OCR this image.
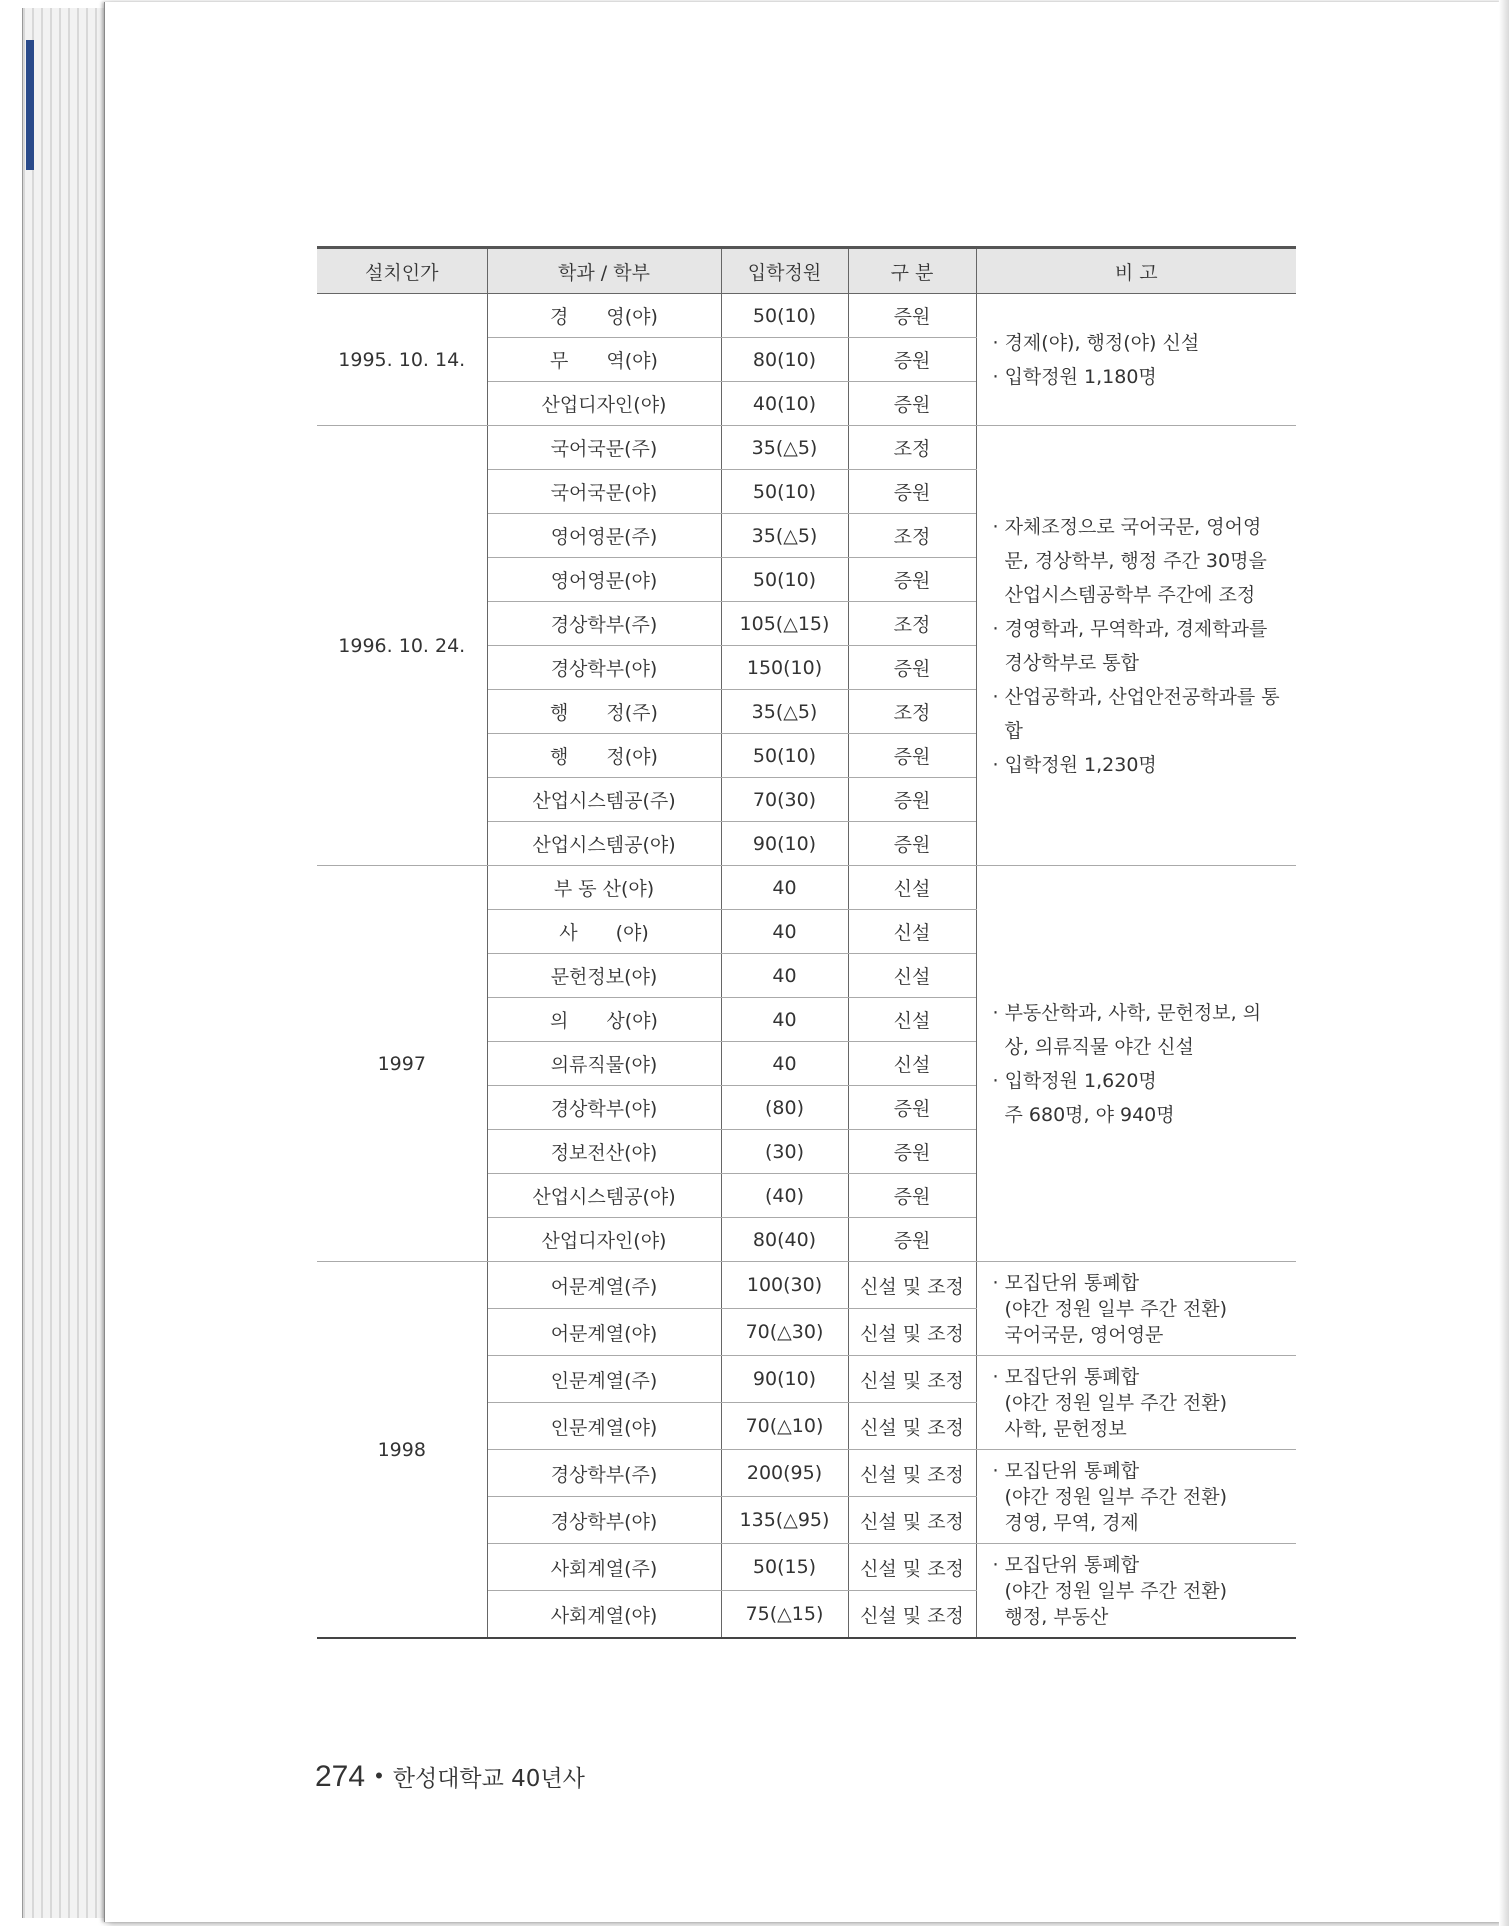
설치인가	학과 / 학부	입학정원	구 분	비 고
1995. 10. 14.	경　　영(야)	50(10)	증원	· 경제(야), 행정(야) 신설
· 입학정원 1,180명

	무　　역(야)	80(10)	증원	
	산업디자인(야)	40(10)	증원	
1996. 10. 24.	국어국문(주)	35(△5)	조정	· 자체조정으로 국어국문, 영어영문, 경상학부, 행정 주간 30명을 산업시스템공학부 주간에 조정
· 경영학과, 무역학과, 경제학과를 경상학부로 통합
· 산업공학과, 산업안전공학과를 통합
· 입학정원 1,230명

	국어국문(야)	50(10)	증원	
	영어영문(주)	35(△5)	조정	
	영어영문(야)	50(10)	증원	
	경상학부(주)	105(△15)	조정	
	경상학부(야)	150(10)	증원	
	행　　정(주)	35(△5)	조정	
	행　　정(야)	50(10)	증원	
	산업시스템공(주)	70(30)	증원	
	산업시스템공(야)	90(10)	증원	
1997	부 동 산(야)	40	신설	· 부동산학과, 사학, 문헌정보, 의상, 의류직물 야간 신설
· 입학정원 1,620명
주 680명, 야 940명

	사　　(야)	40	신설	
	문헌정보(야)	40	신설	
	의　　상(야)	40	신설	
	의류직물(야)	40	신설	
	경상학부(야)	(80)	증원	
	정보전산(야)	(30)	증원	
	산업시스템공(야)	(40)	증원	
	산업디자인(야)	80(40)	증원	
1998	어문계열(주)	100(30)	신설 및 조정	· 모집단위 통폐합
(야간 정원 일부 주간 전환)
국어국문, 영어영문

	어문계열(야)	70(△30)	신설 및 조정	
	인문계열(주)	90(10)	신설 및 조정	· 모집단위 통폐합
(야간 정원 일부 주간 전환)
사학, 문헌정보

	인문계열(야)	70(△10)	신설 및 조정	
	경상학부(주)	200(95)	신설 및 조정	· 모집단위 통폐합
(야간 정원 일부 주간 전환)
경영, 무역, 경제

	경상학부(야)	135(△95)	신설 및 조정	
	사회계열(주)	50(15)	신설 및 조정	· 모집단위 통폐합
(야간 정원 일부 주간 전환)
행정, 부동산

	사회계열(야)	75(△15)	신설 및 조정	
274 • 한성대학교 40년사
